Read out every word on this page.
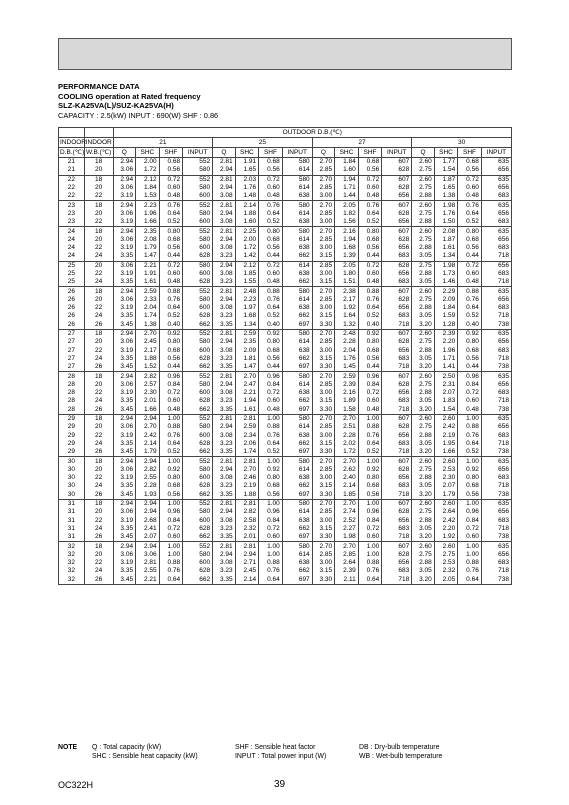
PERFORMANCE DATA
COOLING operation at Rated frequency
SLZ-KA25VA(L)/SUZ-KA25VA(H)
CAPACITY : 2.5(kW) INPUT : 690(W) SHF : 0.86
		OUTDOOR D.B.(℃)															
INDOOR	INDOOR	21				25				27				30			
D.B.(℃)	W.B.(℃)	Q	SHC	SHF	INPUT	Q	SHC	SHF	INPUT	Q	SHC	SHF	INPUT	Q	SHC	SHF	INPUT
21	18	2.94	2.00	0.68	552	2.81	1.91	0.68	580	2.70	1.84	0.68	607	2.60	1.77	0.68	635
21	20	3.06	1.72	0.56	580	2.94	1.65	0.56	614	2.85	1.60	0.56	628	2.75	1.54	0.56	656
22	18	2.94	2.12	0.72	552	2.81	2.03	0.72	580	2.70	1.94	0.72	607	2.60	1.87	0.72	635
22	20	3.06	1.84	0.60	580	2.94	1.76	0.60	614	2.85	1.71	0.60	628	2.75	1.65	0.60	656
22	22	3.19	1.53	0.48	600	3.08	1.48	0.48	638	3.00	1.44	0.48	656	2.88	1.38	0.48	683
23	18	2.94	2.23	0.76	552	2.81	2.14	0.76	580	2.70	2.05	0.76	607	2.60	1.98	0.76	635
23	20	3.06	1.96	0.64	580	2.94	1.88	0.64	614	2.85	1.82	0.64	628	2.75	1.76	0.64	656
23	22	3.19	1.66	0.52	600	3.08	1.60	0.52	638	3.00	1.56	0.52	656	2.88	1.50	0.52	683
24	18	2.94	2.35	0.80	552	2.81	2.25	0.80	580	2.70	2.16	0.80	607	2.60	2.08	0.80	635
24	20	3.06	2.08	0.68	580	2.94	2.00	0.68	614	2.85	1.94	0.68	628	2.75	1.87	0.68	656
24	22	3.19	1.79	0.56	600	3.08	1.72	0.56	638	3.00	1.68	0.56	656	2.88	1.61	0.56	683
24	24	3.35	1.47	0.44	628	3.23	1.42	0.44	662	3.15	1.39	0.44	683	3.05	1.34	0.44	718
25	20	3.06	2.21	0.72	580	2.94	2.12	0.72	614	2.85	2.05	0.72	628	2.75	1.98	0.72	656
25	22	3.19	1.91	0.60	600	3.08	1.85	0.60	638	3.00	1.80	0.60	656	2.88	1.73	0.60	683
25	24	3.35	1.61	0.48	628	3.23	1.55	0.48	662	3.15	1.51	0.48	683	3.05	1.46	0.48	718
26	18	2.94	2.59	0.88	552	2.81	2.48	0.88	580	2.70	2.38	0.88	607	2.60	2.29	0.88	635
26	20	3.06	2.33	0.76	580	2.94	2.23	0.76	614	2.85	2.17	0.76	628	2.75	2.09	0.76	656
26	22	3.19	2.04	0.64	600	3.08	1.97	0.64	638	3.00	1.92	0.64	656	2.88	1.84	0.64	683
26	24	3.35	1.74	0.52	628	3.23	1.68	0.52	662	3.15	1.64	0.52	683	3.05	1.59	0.52	718
26	26	3.45	1.38	0.40	662	3.35	1.34	0.40	697	3.30	1.32	0.40	718	3.20	1.28	0.40	738
27	18	2.94	2.70	0.92	552	2.81	2.59	0.92	580	2.70	2.48	0.92	607	2.60	2.39	0.92	635
27	20	3.06	2.45	0.80	580	2.94	2.35	0.80	614	2.85	2.28	0.80	628	2.75	2.20	0.80	656
27	22	3.19	2.17	0.68	600	3.08	2.09	0.68	638	3.00	2.04	0.68	656	2.88	1.96	0.68	683
27	24	3.35	1.88	0.56	628	3.23	1.81	0.56	662	3.15	1.76	0.56	683	3.05	1.71	0.56	718
27	26	3.45	1.52	0.44	662	3.35	1.47	0.44	697	3.30	1.45	0.44	718	3.20	1.41	0.44	738
28	18	2.94	2.82	0.96	552	2.81	2.70	0.96	580	2.70	2.59	0.96	607	2.60	2.50	0.96	635
28	20	3.06	2.57	0.84	580	2.94	2.47	0.84	614	2.85	2.39	0.84	628	2.75	2.31	0.84	656
28	22	3.19	2.30	0.72	600	3.08	2.21	0.72	638	3.00	2.16	0.72	656	2.88	2.07	0.72	683
28	24	3.35	2.01	0.60	628	3.23	1.94	0.60	662	3.15	1.89	0.60	683	3.05	1.83	0.60	718
28	26	3.45	1.66	0.48	662	3.35	1.61	0.48	697	3.30	1.58	0.48	718	3.20	1.54	0.48	738
29	18	2.94	2.94	1.00	552	2.81	2.81	1.00	580	2.70	2.70	1.00	607	2.60	2.60	1.00	635
29	20	3.06	2.70	0.88	580	2.94	2.59	0.88	614	2.85	2.51	0.88	628	2.75	2.42	0.88	656
29	22	3.19	2.42	0.76	600	3.08	2.34	0.76	638	3.00	2.28	0.76	656	2.88	2.19	0.76	683
29	24	3.35	2.14	0.64	628	3.23	2.06	0.64	662	3.15	2.02	0.64	683	3.05	1.95	0.64	718
29	26	3.45	1.79	0.52	662	3.35	1.74	0.52	697	3.30	1.72	0.52	718	3.20	1.66	0.52	738
30	18	2.94	2.94	1.00	552	2.81	2.81	1.00	580	2.70	2.70	1.00	607	2.60	2.60	1.00	635
30	20	3.06	2.82	0.92	580	2.94	2.70	0.92	614	2.85	2.62	0.92	628	2.75	2.53	0.92	656
30	22	3.19	2.55	0.80	600	3.08	2.46	0.80	638	3.00	2.40	0.80	656	2.88	2.30	0.80	683
30	24	3.35	2.28	0.68	628	3.23	2.19	0.68	662	3.15	2.14	0.68	683	3.05	2.07	0.68	718
30	26	3.45	1.93	0.56	662	3.35	1.88	0.56	697	3.30	1.85	0.56	718	3.20	1.79	0.56	738
31	18	2.94	2.94	1.00	552	2.81	2.81	1.00	580	2.70	2.70	1.00	607	2.60	2.60	1.00	635
31	20	3.06	2.94	0.96	580	2.94	2.82	0.96	614	2.85	2.74	0.96	628	2.75	2.64	0.96	656
31	22	3.19	2.68	0.84	600	3.08	2.58	0.84	638	3.00	2.52	0.84	656	2.88	2.42	0.84	683
31	24	3.35	2.41	0.72	628	3.23	2.32	0.72	662	3.15	2.27	0.72	683	3.05	2.20	0.72	718
31	26	3.45	2.07	0.60	662	3.35	2.01	0.60	697	3.30	1.98	0.60	718	3.20	1.92	0.60	738
32	18	2.94	2.94	1.00	552	2.81	2.81	1.00	580	2.70	2.70	1.00	607	2.60	2.60	1.00	635
32	20	3.06	3.06	1.00	580	2.94	2.94	1.00	614	2.85	2.85	1.00	628	2.75	2.75	1.00	656
32	22	3.19	2.81	0.88	600	3.08	2.71	0.88	638	3.00	2.64	0.88	656	2.88	2.53	0.88	683
32	24	3.35	2.55	0.76	628	3.23	2.45	0.76	662	3.15	2.39	0.76	683	3.05	2.32	0.76	718
32	26	3.45	2.21	0.64	662	3.35	2.14	0.64	697	3.30	2.11	0.64	718	3.20	2.05	0.64	738
NOTE Q : Total capacity (kW)	SHF : Sensible heat factor	DB : Dry-bulb temperature
SHC : Sensible heat capacity (kW)	INPUT : Total power input (W)	WB : Wet-bulb temperature
OC322H	39
